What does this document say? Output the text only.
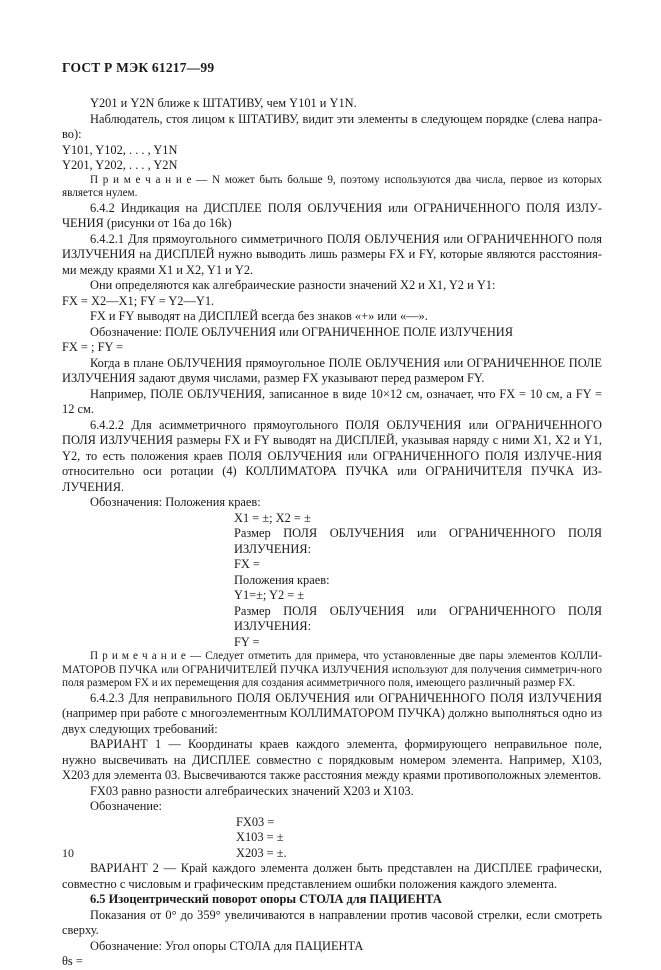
ГОСТ Р МЭК 61217—99

Y201 и Y2N ближе к ШТАТИВУ, чем Y101 и Y1N.

Наблюдатель, стоя лицом к ШТАТИВУ, видит эти элементы в следующем порядке (слева напра-во):

Y101, Y102, . . . , Y1N

Y201, Y202, . . . , Y2N

П р и м е ч а н и е — N может быть больше 9, поэтому используются два числа, первое из которых является нулем.

6.4.2 Индикация на ДИСПЛЕЕ ПОЛЯ ОБЛУЧЕНИЯ или ОГРАНИЧЕННОГО ПОЛЯ ИЗЛУ-ЧЕНИЯ (рисунки от 16а до 16k)

6.4.2.1 Для прямоугольного симметричного ПОЛЯ ОБЛУЧЕНИЯ или ОГРАНИЧЕННОГО поля ИЗЛУЧЕНИЯ на ДИСПЛЕЙ нужно выводить лишь размеры FX и FY, которые являются расстояния-ми между краями X1 и X2, Y1 и Y2.

Они определяются как алгебраические разности значений X2 и X1, Y2 и Y1:

FX = X2—X1; FY = Y2—Y1.

FX и FY выводят на ДИСПЛЕЙ всегда без знаков «+» или «—».

Обозначение: ПОЛЕ ОБЛУЧЕНИЯ или ОГРАНИЧЕННОЕ ПОЛЕ ИЗЛУЧЕНИЯ

FX = ; FY =

Когда в плане ОБЛУЧЕНИЯ прямоугольное ПОЛЕ ОБЛУЧЕНИЯ или ОГРАНИЧЕННОЕ ПОЛЕ ИЗЛУЧЕНИЯ задают двумя числами, размер FX указывают перед размером FY.

Например, ПОЛЕ ОБЛУЧЕНИЯ, записанное в виде 10×12 см, означает, что FX = 10 см, а FY = 12 см.

6.4.2.2 Для асимметричного прямоугольного ПОЛЯ ОБЛУЧЕНИЯ или ОГРАНИЧЕННОГО ПОЛЯ ИЗЛУЧЕНИЯ размеры FX и FY выводят на ДИСПЛЕЙ, указывая наряду с ними X1, X2 и Y1, Y2, то есть положения краев ПОЛЯ ОБЛУЧЕНИЯ или ОГРАНИЧЕННОГО ПОЛЯ ИЗЛУЧЕ-НИЯ относительно оси ротации (4) КОЛЛИМАТОРА ПУЧКА или ОГРАНИЧИТЕЛЯ ПУЧКА ИЗ-ЛУЧЕНИЯ.

Обозначения: Положения краев:

X1 = ±; X2 = ±

Размер ПОЛЯ ОБЛУЧЕНИЯ или ОГРАНИЧЕННОГО ПОЛЯ ИЗЛУЧЕНИЯ:

FX =

Положения краев:

Y1=±; Y2 = ±

Размер ПОЛЯ ОБЛУЧЕНИЯ или ОГРАНИЧЕННОГО ПОЛЯ ИЗЛУЧЕНИЯ:

FY =

П р и м е ч а н и е — Следует отметить для примера, что установленные две пары элементов КОЛЛИ-МАТОРОВ ПУЧКА или ОГРАНИЧИТЕЛЕЙ ПУЧКА ИЗЛУЧЕНИЯ используют для получения симметрич-ного поля размером FX и их перемещения для создания асимметричного поля, имеющего различный размер FX.

6.4.2.3 Для неправильного ПОЛЯ ОБЛУЧЕНИЯ или ОГРАНИЧЕННОГО ПОЛЯ ИЗЛУЧЕНИЯ (например при работе с многоэлементным КОЛЛИМАТОРОМ ПУЧКА) должно выполняться одно из двух следующих требований:

ВАРИАНТ 1 — Координаты краев каждого элемента, формирующего неправильное поле, нужно высвечивать на ДИСПЛЕЕ совместно с порядковым номером элемента. Например, X103, X203 для элемента 03. Высвечиваются также расстояния между краями противоположных элементов.

FX03 равно разности алгебраических значений X203 и X103.

Обозначение:

FX03 =

X103 = ±

X203 = ±.

ВАРИАНТ 2 — Край каждого элемента должен быть представлен на ДИСПЛЕЕ графически, совместно с числовым и графическим представлением ошибки положения каждого элемента.

6.5 Изоцентрический поворот опоры СТОЛА для ПАЦИЕНТА

Показания от 0° до 359° увеличиваются в направлении против часовой стрелки, если смотреть сверху.

Обозначение: Угол опоры СТОЛА для ПАЦИЕНТА

θs =

10
